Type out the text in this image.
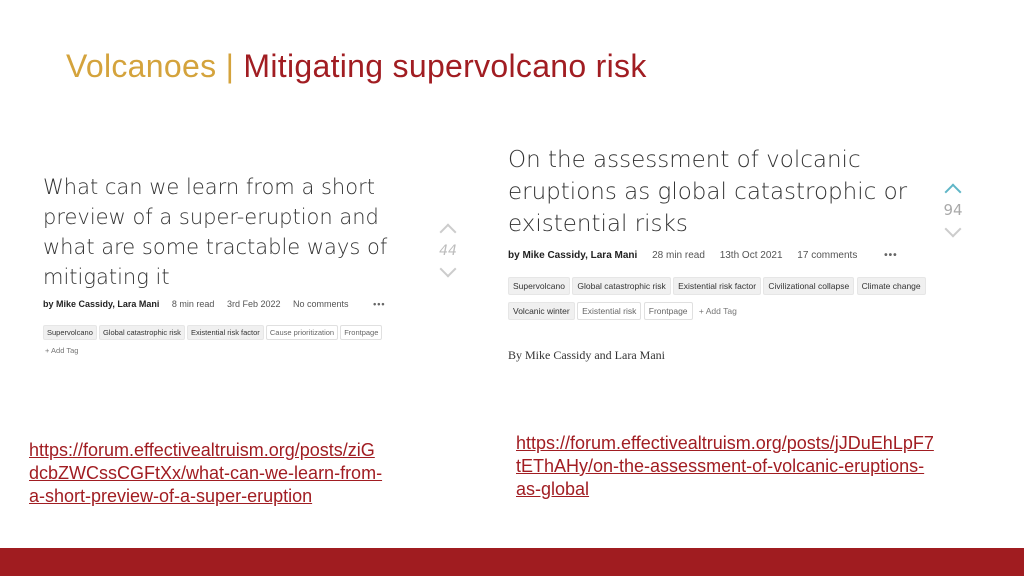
Volcanoes | Mitigating supervolcano risk
What can we learn from a short
preview of a super-eruption and
what are some tractable ways of
mitigating it
44
by Mike Cassidy, Lara Mani 8 min read 3rd Feb 2022 No comments	•••
Supervolcano Global catastrophic risk Existential risk factor Cause prioritization Frontpage
+ Add Tag
On the assessment of volcanic
eruptions as global catastrophic or
existential risks
94
by Mike Cassidy, Lara Mani 28 min read 13th Oct 2021 17 comments	•••
Supervolcano Global catastrophic risk Existential risk factor Civilizational collapse Climate change
Volcanic winter Existential risk Frontpage + Add Tag
By Mike Cassidy and Lara Mani
https://forum.effectivealtruism.org/posts/ziG
dcbZWCssCGFtXx/what-can-we-learn-from-
a-short-preview-of-a-super-eruption
https://forum.effectivealtruism.org/posts/jJDuEhLpF7
tEThAHy/on-the-assessment-of-volcanic-eruptions-
as-global
